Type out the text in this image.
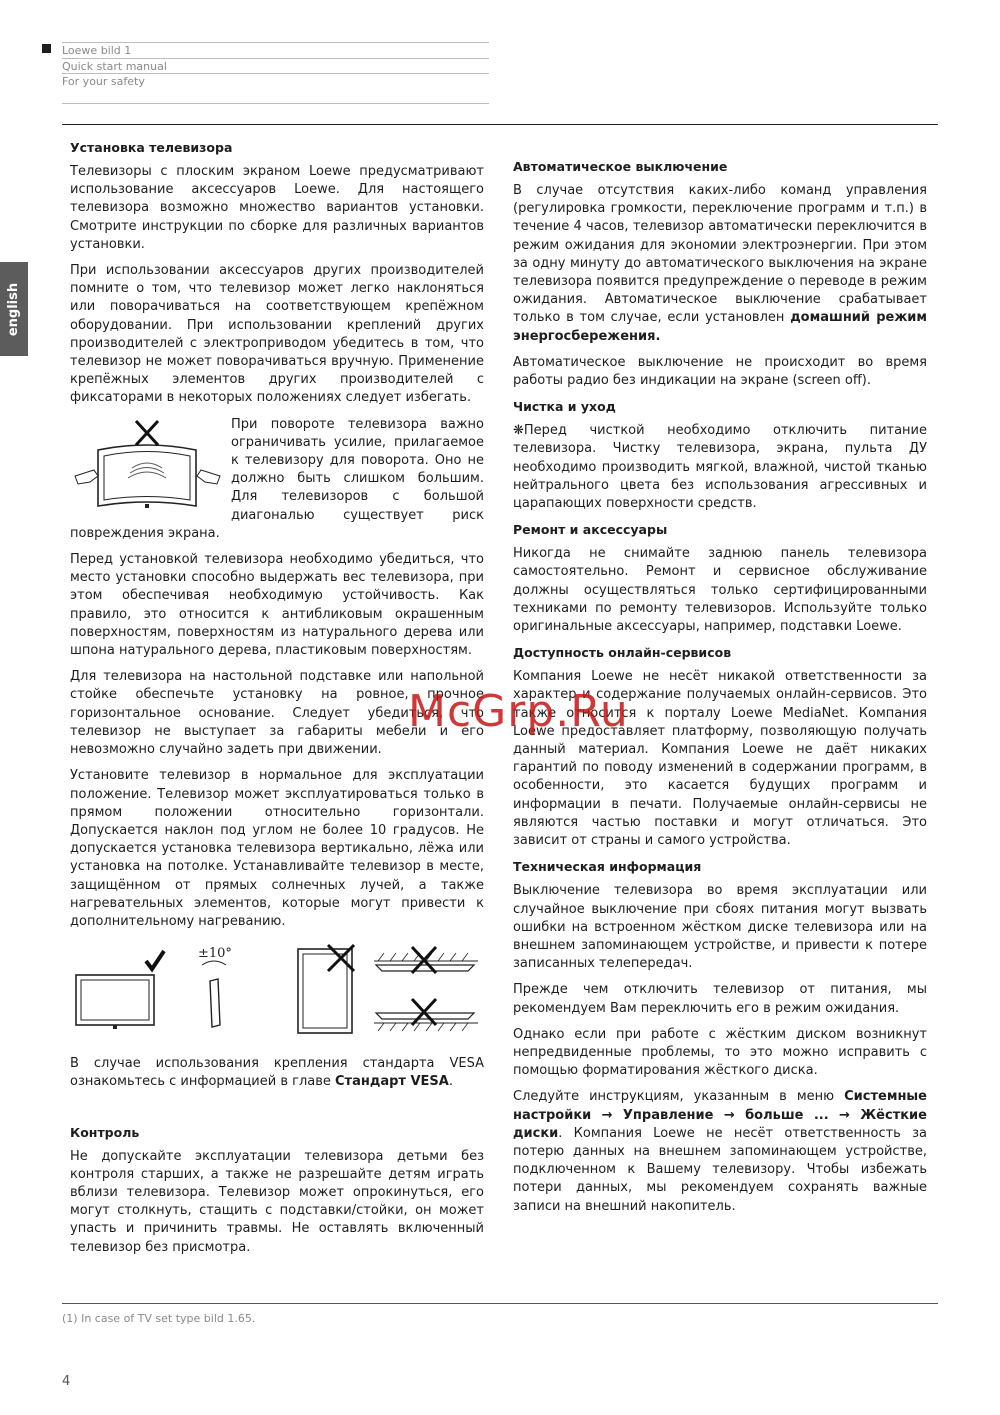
Loewe bild 1
Quick start manual
For your safety
english
Установка телевизора

Телевизоры с плоским экраном Loewe предусматривают использование аксессуаров Loewe. Для настоящего телевизора возможно множество вариантов установки. Смотрите инструкции по сборке для различных вариантов установки.

При использовании аксессуаров других производителей помните о том, что телевизор может легко наклоняться или поворачиваться на соответствующем крепёжном оборудовании. При использовании креплений других производителей с электроприводом убедитесь в том, что телевизор не может поворачиваться вручную. Применение крепёжных элементов других производителей с фиксаторами в некоторых положениях следует избегать.

При повороте телевизора важно ограничивать усилие, прилагаемое к телевизору для поворота. Оно не должно быть слишком большим. Для телевизоров с большой диагональю существует риск повреждения экрана.

Перед установкой телевизора необходимо убедиться, что место установки способно выдержать вес телевизора, при этом обеспечивая необходимую устойчивость. Как правило, это относится к антибликовым окрашенным поверхностям, поверхностям из натурального дерева или шпона натурального дерева, пластиковым поверхностям.

Для телевизора на настольной подставке или напольной стойке обеспечьте установку на ровное, прочное горизонтальное основание. Следует убедиться, что телевизор не выступает за габариты мебели и его невозможно случайно задеть при движении.

Установите телевизор в нормальное для эксплуатации положение. Телевизор может эксплуатироваться только в прямом положении относительно горизонтали. Допускается наклон под углом не более 10 градусов. Не допускается установка телевизора вертикально, лёжа или установка на потолке. Устанавливайте телевизор в месте, защищённом от прямых солнечных лучей, а также нагревательных элементов, которые могут привести к дополнительному нагреванию.

±10°

В случае использования крепления стандарта VESA ознакомьтесь с информацией в главе Стандарт VESA.

Контроль

Не допускайте эксплуатации телевизора детьми без контроля старших, а также не разрешайте детям играть вблизи телевизора. Телевизор может опрокинуться, его могут столкнуть, стащить с подставки/стойки, он может упасть и причинить травмы. Не оставлять включенный телевизор без присмотра.

Автоматическое выключение

В случае отсутствия каких-либо команд управления (регулировка громкости, переключение программ и т.п.) в течение 4 часов, телевизор автоматически переключится в режим ожидания для экономии электроэнергии. При этом за одну минуту до автоматического выключения на экране телевизора появится предупреждение о переводе в режим ожидания. Автоматическое выключение срабатывает только в том случае, если установлен домашний режим энергосбережения.

Автоматическое выключение не происходит во время работы радио без индикации на экране (screen off).

Чистка и уход

❋Перед чисткой необходимо отключить питание телевизора. Чистку телевизора, экрана, пульта ДУ необходимо производить мягкой, влажной, чистой тканью нейтрального цвета без использования агрессивных и царапающих поверхности средств.

Ремонт и аксессуары

Никогда не снимайте заднюю панель телевизора самостоятельно. Ремонт и сервисное обслуживание должны осуществляться только сертифицированными техниками по ремонту телевизоров. Используйте только оригинальные аксессуары, например, подставки Loewe.

Доступность онлайн-сервисов

Компания Loewe не несёт никакой ответственности за характер и содержание получаемых онлайн-сервисов. Это также относится к порталу Loewe MediaNet. Компания Loewe предоставляет платформу, позволяющую получать данный материал. Компания Loewe не даёт никаких гарантий по поводу изменений в содержании программ, в особенности, это касается будущих программ и информации в печати. Получаемые онлайн-сервисы не являются частью поставки и могут отличаться. Это зависит от страны и самого устройства.

Техническая информация

Выключение телевизора во время эксплуатации или случайное выключение при сбоях питания могут вызвать ошибки на встроенном жёстком диске телевизора или на внешнем запоминающем устройстве, и привести к потере записанных телепередач.

Прежде чем отключить телевизор от питания, мы рекомендуем Вам переключить его в режим ожидания.

Однако если при работе с жёстким диском возникнут непредвиденные проблемы, то это можно исправить с помощью форматирования жёсткого диска.

Следуйте инструкциям, указанным в меню Системные настройки → Управление → больше ... → Жёсткие диски. Компания Loewe не несёт ответственность за потерю данных на внешнем запоминающем устройстве, подключенном к Вашему телевизору. Чтобы избежать потери данных, мы рекомендуем сохранять важные записи на внешний накопитель.

McGrp.Ru
(1) In case of TV set type bild 1.65.
4
